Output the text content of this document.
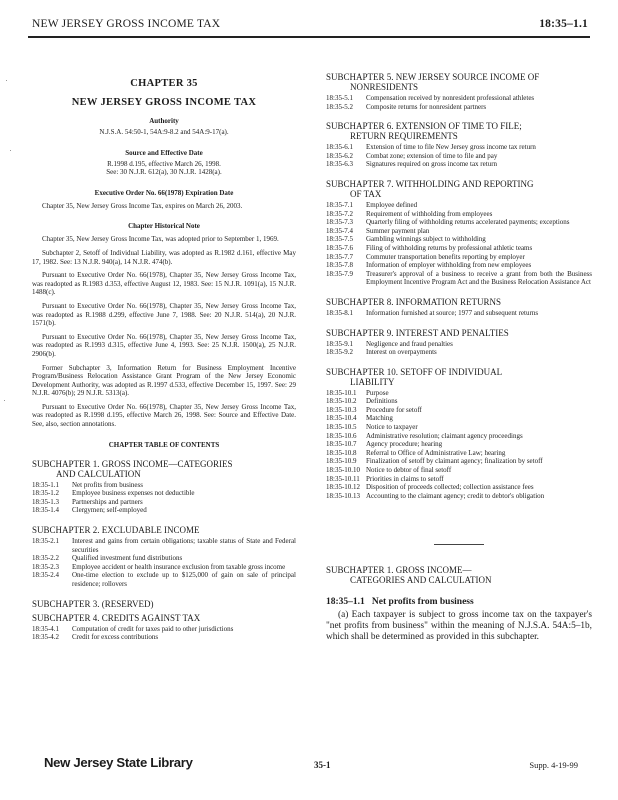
NEW JERSEY GROSS INCOME TAX	18:35–1.1
CHAPTER 35
NEW JERSEY GROSS INCOME TAX
Authority
N.J.S.A. 54:50-1, 54A:9-8.2 and 54A:9-17(a).
Source and Effective Date
R.1998 d.195, effective March 26, 1998.
See: 30 N.J.R. 612(a), 30 N.J.R. 1428(a).
Executive Order No. 66(1978) Expiration Date
Chapter 35, New Jersey Gross Income Tax, expires on March 26, 2003.
Chapter Historical Note
Chapter 35, New Jersey Gross Income Tax, was adopted prior to September 1, 1969.
Subchapter 2, Setoff of Individual Liability, was adopted as R.1982 d.161, effective May 17, 1982. See: 13 N.J.R. 940(a), 14 N.J.R. 474(b).
Pursuant to Executive Order No. 66(1978), Chapter 35, New Jersey Gross Income Tax, was readopted as R.1983 d.353, effective August 12, 1983. See: 15 N.J.R. 1091(a), 15 N.J.R. 1488(c).
Pursuant to Executive Order No. 66(1978), Chapter 35, New Jersey Gross Income Tax, was readopted as R.1988 d.299, effective June 7, 1988. See: 20 N.J.R. 514(a), 20 N.J.R. 1571(b).
Pursuant to Executive Order No. 66(1978), Chapter 35, New Jersey Gross Income Tax, was readopted as R.1993 d.315, effective June 4, 1993. See: 25 N.J.R. 1500(a), 25 N.J.R. 2906(b).
Former Subchapter 3, Information Return for Business Employment Incentive Program/Business Relocation Assistance Grant Program of the New Jersey Economic Development Authority, was adopted as R.1997 d.533, effective December 15, 1997. See: 29 N.J.R. 4076(b); 29 N.J.R. 5313(a).
Pursuant to Executive Order No. 66(1978), Chapter 35, New Jersey Gross Income Tax, was readopted as R.1998 d.195, effective March 26, 1998. See: Source and Effective Date. See, also, section annotations.
CHAPTER TABLE OF CONTENTS
SUBCHAPTER 1. GROSS INCOME—CATEGORIES
AND CALCULATION
18:35-1.1	Net profits from business
18:35-1.2	Employee business expenses not deductible
18:35-1.3	Partnerships and partners
18:35-1.4	Clergymen; self-employed
SUBCHAPTER 2. EXCLUDABLE INCOME
18:35-2.1	Interest and gains from certain obligations; taxable status of State and Federal securities
18:35-2.2	Qualified investment fund distributions
18:35-2.3	Employee accident or health insurance exclusion from taxable gross income
18:35-2.4	One-time election to exclude up to $125,000 of gain on sale of principal residence; rollovers
SUBCHAPTER 3. (RESERVED)
SUBCHAPTER 4. CREDITS AGAINST TAX
18:35-4.1	Computation of credit for taxes paid to other jurisdictions
18:35-4.2	Credit for excess contributions
SUBCHAPTER 5. NEW JERSEY SOURCE INCOME OF
NONRESIDENTS
18:35-5.1	Compensation received by nonresident professional athletes
18:35-5.2	Composite returns for nonresident partners
SUBCHAPTER 6. EXTENSION OF TIME TO FILE;
RETURN REQUIREMENTS
18:35-6.1	Extension of time to file New Jersey gross income tax return
18:35-6.2	Combat zone; extension of time to file and pay
18:35-6.3	Signatures required on gross income tax return
SUBCHAPTER 7. WITHHOLDING AND REPORTING
OF TAX
18:35-7.1	Employee defined
18:35-7.2	Requirement of withholding from employees
18:35-7.3	Quarterly filing of withholding returns accelerated payments; exceptions
18:35-7.4	Summer payment plan
18:35-7.5	Gambling winnings subject to withholding
18:35-7.6	Filing of withholding returns by professional athletic teams
18:35-7.7	Commuter transportation benefits reporting by employer
18:35-7.8	Information of employer withholding from new employees
18:35-7.9	Treasurer's approval of a business to receive a grant from both the Business Employment Incentive Program Act and the Business Relocation Assistance Act
SUBCHAPTER 8. INFORMATION RETURNS
18:35-8.1	Information furnished at source; 1977 and subsequent returns
SUBCHAPTER 9. INTEREST AND PENALTIES
18:35-9.1	Negligence and fraud penalties
18:35-9.2	Interest on overpayments
SUBCHAPTER 10. SETOFF OF INDIVIDUAL
LIABILITY
18:35-10.1	Purpose
18:35-10.2	Definitions
18:35-10.3	Procedure for setoff
18:35-10.4	Matching
18:35-10.5	Notice to taxpayer
18:35-10.6	Administrative resolution; claimant agency proceedings
18:35-10.7	Agency procedure; hearing
18:35-10.8	Referral to Office of Administrative Law; hearing
18:35-10.9	Finalization of setoff by claimant agency; finalization by setoff
18:35-10.10 Notice to debtor of final setoff
18:35-10.11 Priorities in claims to setoff
18:35-10.12 Disposition of proceeds collected; collection assistance fees
18:35-10.13 Accounting to the claimant agency; credit to debtor's obligation
SUBCHAPTER 1. GROSS INCOME—
CATEGORIES AND CALCULATION
18:35–1.1 Net profits from business
(a) Each taxpayer is subject to gross income tax on the taxpayer's "net profits from business" within the meaning of N.J.S.A. 54A:5–1b, which shall be determined as provided in this subchapter.
New Jersey State Library	35-1	Supp. 4-19-99
